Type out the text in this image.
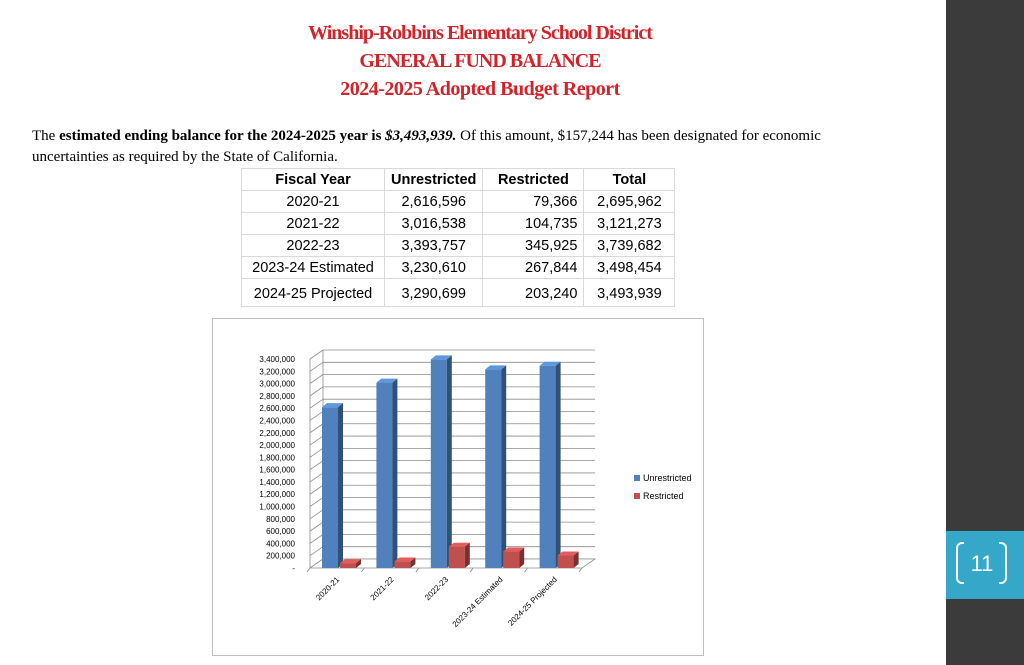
11
Winship-Robbins Elementary School District
GENERAL FUND BALANCE
2024-2025 Adopted Budget Report
The estimated ending balance for the 2024-2025 year is $3,493,939. Of this amount, $157,244 has been designated for economic uncertainties as required by the State of California.
Fiscal Year	Unrestricted	Restricted	Total
2020-21	2,616,596	79,366	2,695,962
2021-22	3,016,538	104,735	3,121,273
2022-23	3,393,757	345,925	3,739,682
2023-24 Estimated	3,230,610	267,844	3,498,454
2024-25 Projected	3,290,699	203,240	3,493,939
-
200,000
400,000
600,000
800,000
1,000,000
1,200,000
1,400,000
1,600,000
1,800,000
2,000,000
2,200,000
2,400,000
2,600,000
2,800,000
3,000,000
3,200,000
3,400,000
2020-21	2021-22	2022-23 2023-24 Estimated 2024-25 Projected
Unrestricted
Restricted
